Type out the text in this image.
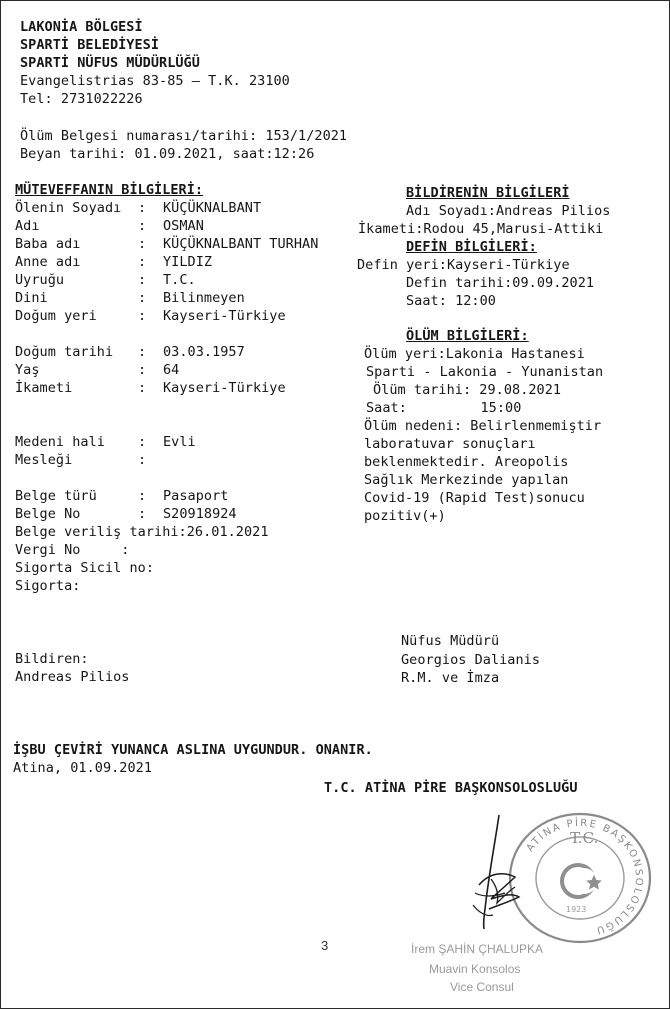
LAKONİA BÖLGESİ
SPARTİ BELEDİYESİ
SPARTİ NÜFUS MÜDÜRLÜĞÜ
Evangelistrias 83-85 – T.K. 23100
Tel: 2731022226
Ölüm Belgesi numarası/tarihi: 153/1/2021
Beyan tarihi: 01.09.2021, saat:12:26
MÜTEVEFFANIN BİLGİLERİ:
Ölenin Soyadı : KÜÇÜKNALBANT
Adı	: OSMAN
Baba adı	: KÜÇÜKNALBANT TURHAN
Anne adı	: YILDIZ
Uyruğu	: T.C.
Dini	: Bilinmeyen
Doğum yeri	: Kayseri-Türkiye
Doğum tarihi : 03.03.1957
Yaş	: 64
İkameti	: Kayseri-Türkiye
Medeni hali : Evli
Mesleği	:
Belge türü	: Pasaport
Belge No	: S20918924
Belge veriliş tarihi:26.01.2021
Vergi No     :
Sigorta Sicil no:
Sigorta:
BİLDİRENİN BİLGİLERİ
Adı Soyadı:Andreas Pilios
İkameti:Rodou 45,Marusi-Attiki
DEFİN BİLGİLERİ:
Defin yeri:Kayseri-Türkiye
Defin tarihi:09.09.2021
Saat: 12:00
ÖLÜM BİLGİLERİ:
Ölüm yeri:Lakonia Hastanesi
Sparti - Lakonia - Yunanistan
Ölüm tarihi: 29.08.2021
Saat:         15:00
Ölüm nedeni: Belirlenmemiştir
laboratuvar sonuçları
beklenmektedir. Areopolis
Sağlık Merkezinde yapılan
Covid-19 (Rapid Test)sonucu
pozitiv(+)
Nüfus Müdürü
Georgios Dalianis
R.M. ve İmza
Bildiren:
Andreas Pilios
İŞBU ÇEVİRİ YUNANCA ASLINA UYGUNDUR. ONANIR.
Atina, 01.09.2021
T.C. ATİNA PİRE BAŞKONSOLOSLUĞU
ATİNA PİRE BAŞKONSOLOSLUĞU
T.C.
1923
3	İrem ŞAHİN ÇHALUPKA
Muavin Konsolos
Vice Consul
